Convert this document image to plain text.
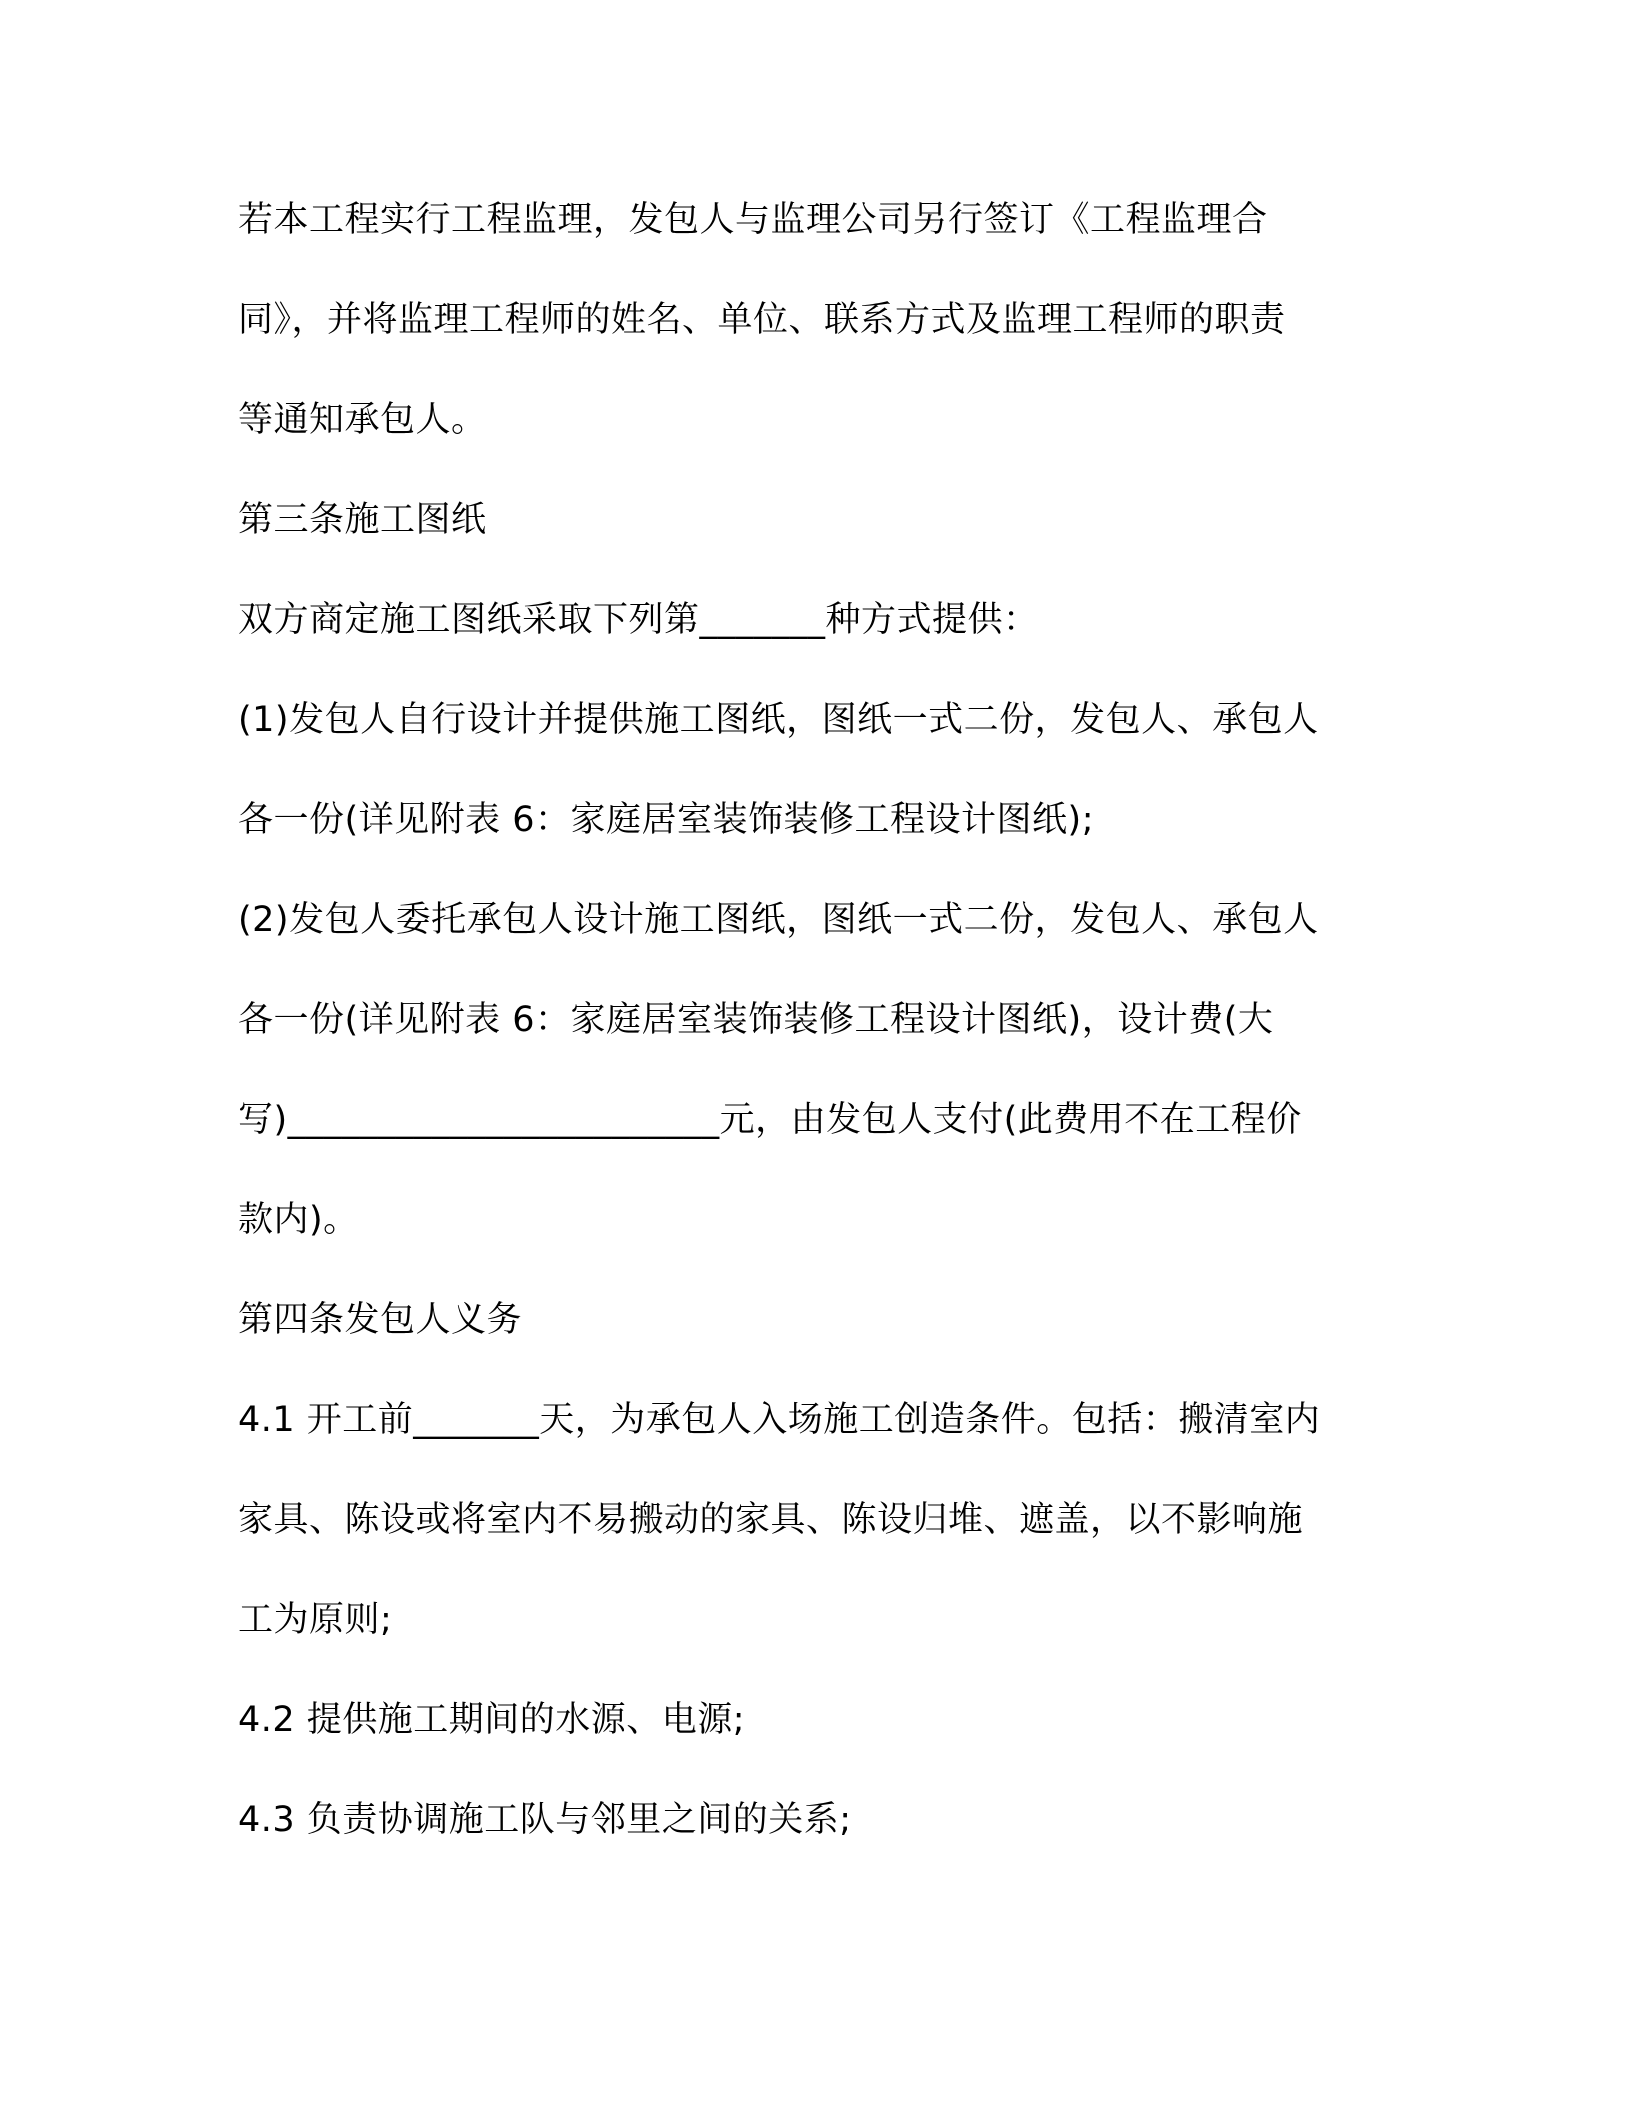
若本工程实行工程监理，发包人与监理公司另行签订《工程监理合
同》，并将监理工程师的姓名、单位、联系方式及监理工程师的职责
等通知承包人。
第三条施工图纸
双方商定施工图纸采取下列第_______种方式提供：
(1)发包人自行设计并提供施工图纸，图纸一式二份，发包人、承包人
各一份(详见附表 6：家庭居室装饰装修工程设计图纸);
(2)发包人委托承包人设计施工图纸，图纸一式二份，发包人、承包人
各一份(详见附表 6：家庭居室装饰装修工程设计图纸)，设计费(大
写)________________________元，由发包人支付(此费用不在工程价
款内)。
第四条发包人义务
4.1 开工前_______天，为承包人入场施工创造条件。包括：搬清室内
家具、陈设或将室内不易搬动的家具、陈设归堆、遮盖，以不影响施
工为原则;
4.2 提供施工期间的水源、电源;
4.3 负责协调施工队与邻里之间的关系;
